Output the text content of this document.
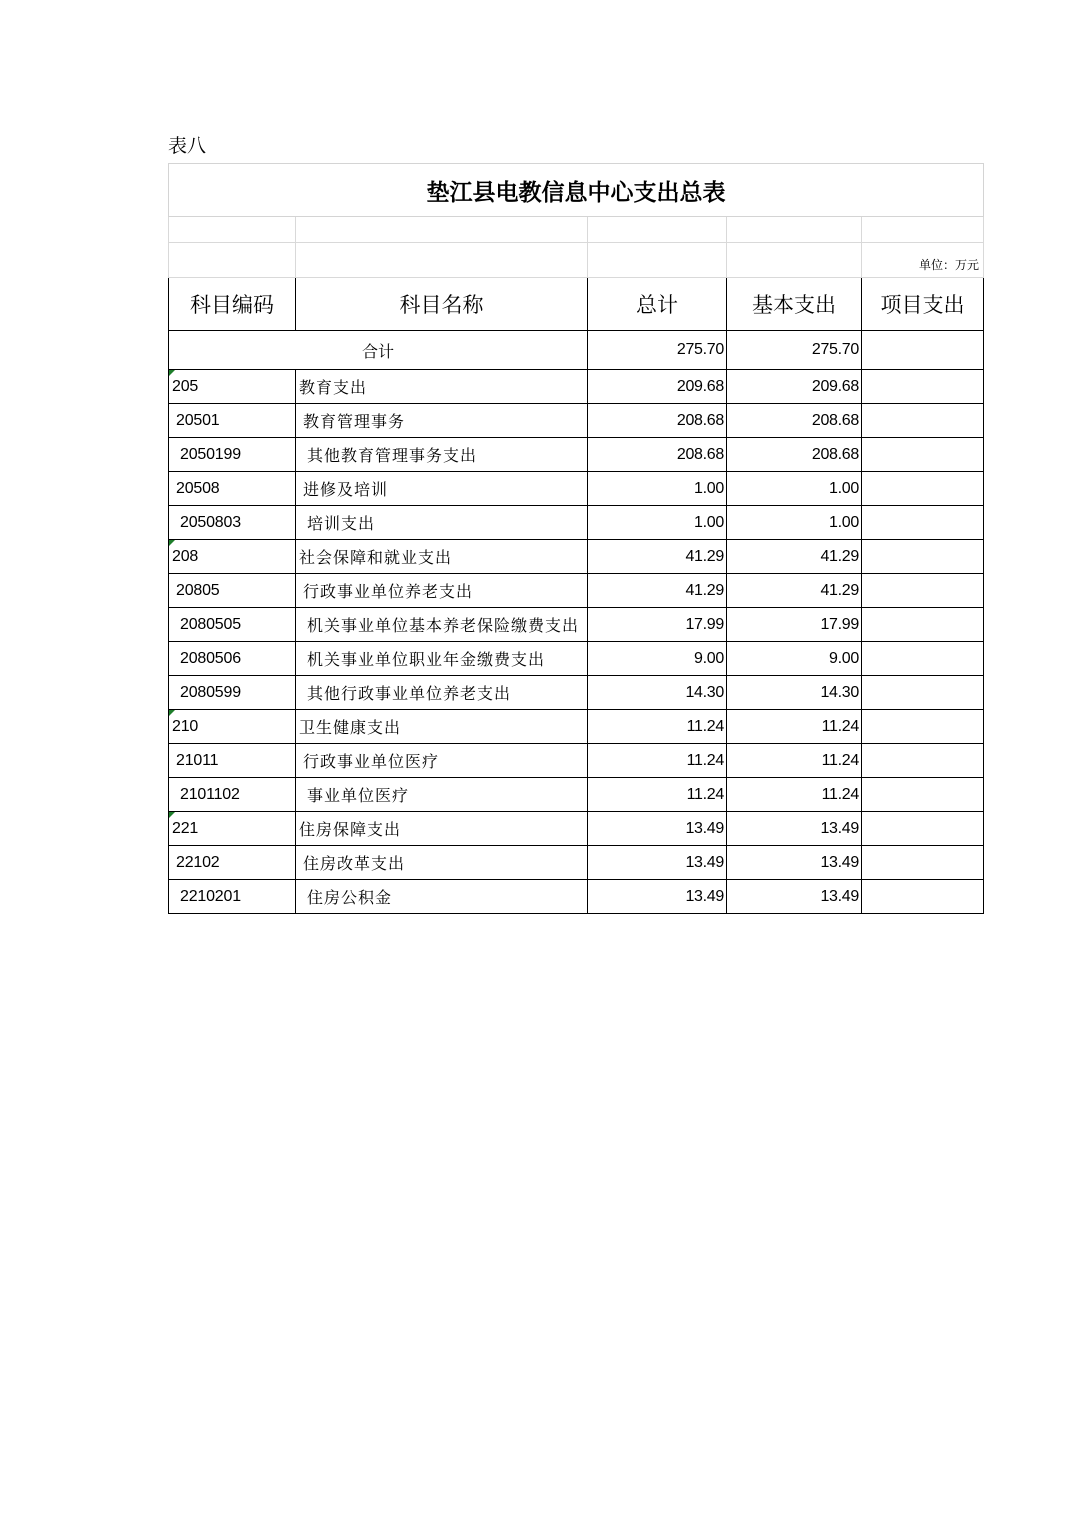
表八
垫江县电教信息中心支出总表				

				单位：万元
科目编码	科目名称	总计	基本支出	项目支出
合计		275.70	275.70	

205	教育支出	209.68	209.68	
20501	教育管理事务	208.68	208.68	
2050199	其他教育管理事务支出	208.68	208.68	
20508	进修及培训	1.00	1.00	
2050803	培训支出	1.00	1.00	

208	社会保障和就业支出	41.29	41.29	
20805	行政事业单位养老支出	41.29	41.29	
2080505	机关事业单位基本养老保险缴费支出	17.99	17.99	
2080506	机关事业单位职业年金缴费支出	9.00	9.00	
2080599	其他行政事业单位养老支出	14.30	14.30	

210	卫生健康支出	11.24	11.24	
21011	行政事业单位医疗	11.24	11.24	
2101102	事业单位医疗	11.24	11.24	

221	住房保障支出	13.49	13.49	
22102	住房改革支出	13.49	13.49	
2210201	住房公积金	13.49	13.49	
